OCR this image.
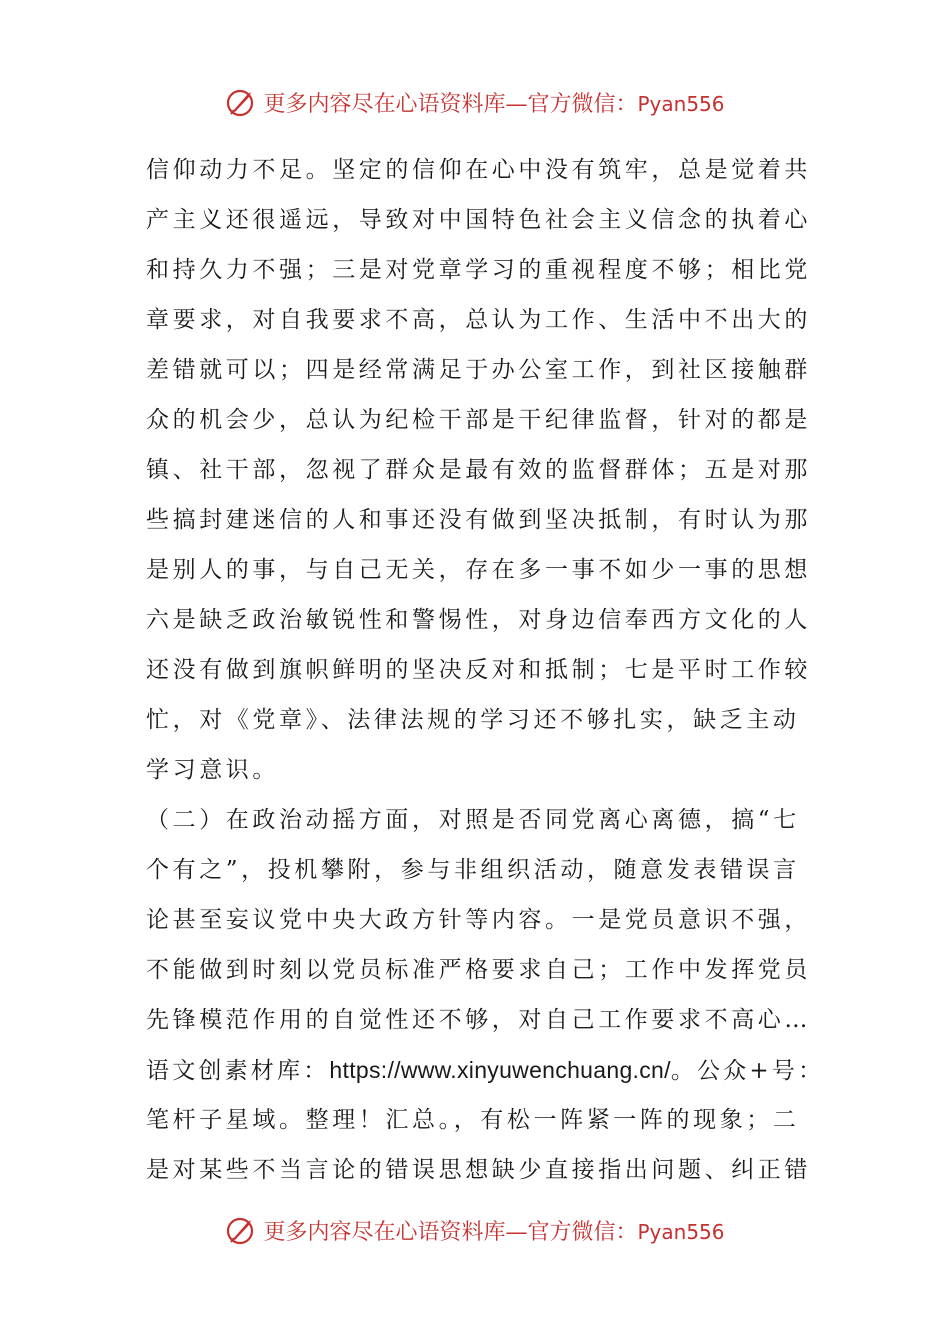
更多内容尽在心语资料库—官方微信：Pyan556
信仰动力不足。坚定的信仰在心中没有筑牢，总是觉着共
产主义还很遥远，导致对中国特色社会主义信念的执着心
和持久力不强；三是对党章学习的重视程度不够；相比党
章要求，对自我要求不高，总认为工作、生活中不出大的
差错就可以；四是经常满足于办公室工作，到社区接触群
众的机会少，总认为纪检干部是干纪律监督，针对的都是
镇、社干部，忽视了群众是最有效的监督群体；五是对那
些搞封建迷信的人和事还没有做到坚决抵制，有时认为那
是别人的事，与自己无关，存在多一事不如少一事的思想
六是缺乏政治敏锐性和警惕性，对身边信奉西方文化的人
还没有做到旗帜鲜明的坚决反对和抵制；七是平时工作较
忙，对《党章》、法律法规的学习还不够扎实，缺乏主动
学习意识。
（二）在政治动摇方面，对照是否同党离心离德，搞“七
个有之”，投机攀附，参与非组织活动，随意发表错误言
论甚至妄议党中央大政方针等内容。一是党员意识不强，
不能做到时刻以党员标准严格要求自己；工作中发挥党员
先锋模范作用的自觉性还不够，对自己工作要求不高心…
语文创素材库：https://www.xinyuwenchuang.cn/。公众+号：
笔杆子星域。整理！汇总。，有松一阵紧一阵的现象；二
是对某些不当言论的错误思想缺少直接指出问题、纠正错
更多内容尽在心语资料库—官方微信：Pyan556
